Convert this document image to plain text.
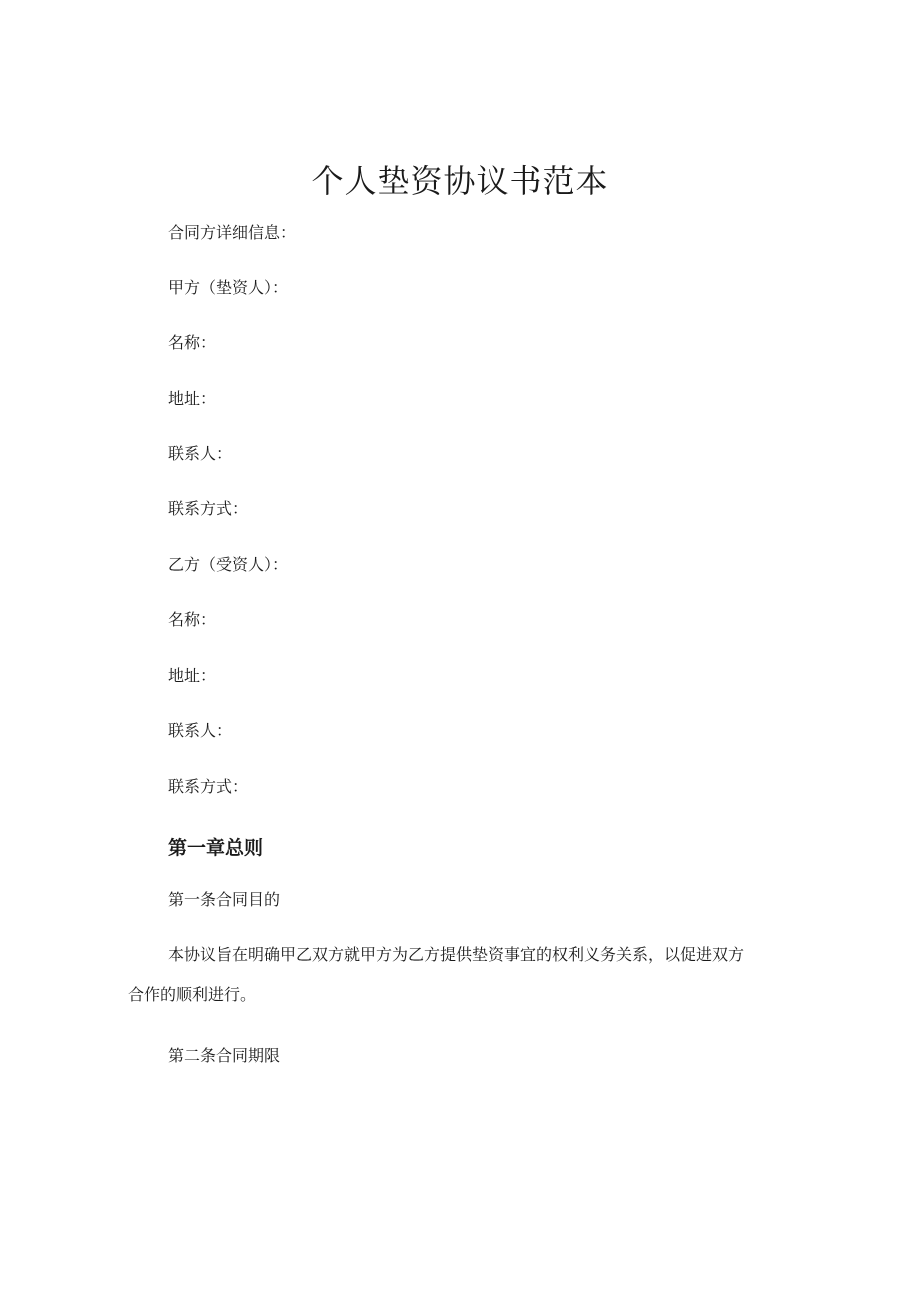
个人垫资协议书范本

合同方详细信息：

甲方（垫资人）：

名称：

地址：

联系人：

联系方式：

乙方（受资人）：

名称：

地址：

联系人：

联系方式：

第一章总则

第一条合同目的

本协议旨在明确甲乙双方就甲方为乙方提供垫资事宜的权利义务关系，以促进双方
合作的顺利进行。

第二条合同期限
